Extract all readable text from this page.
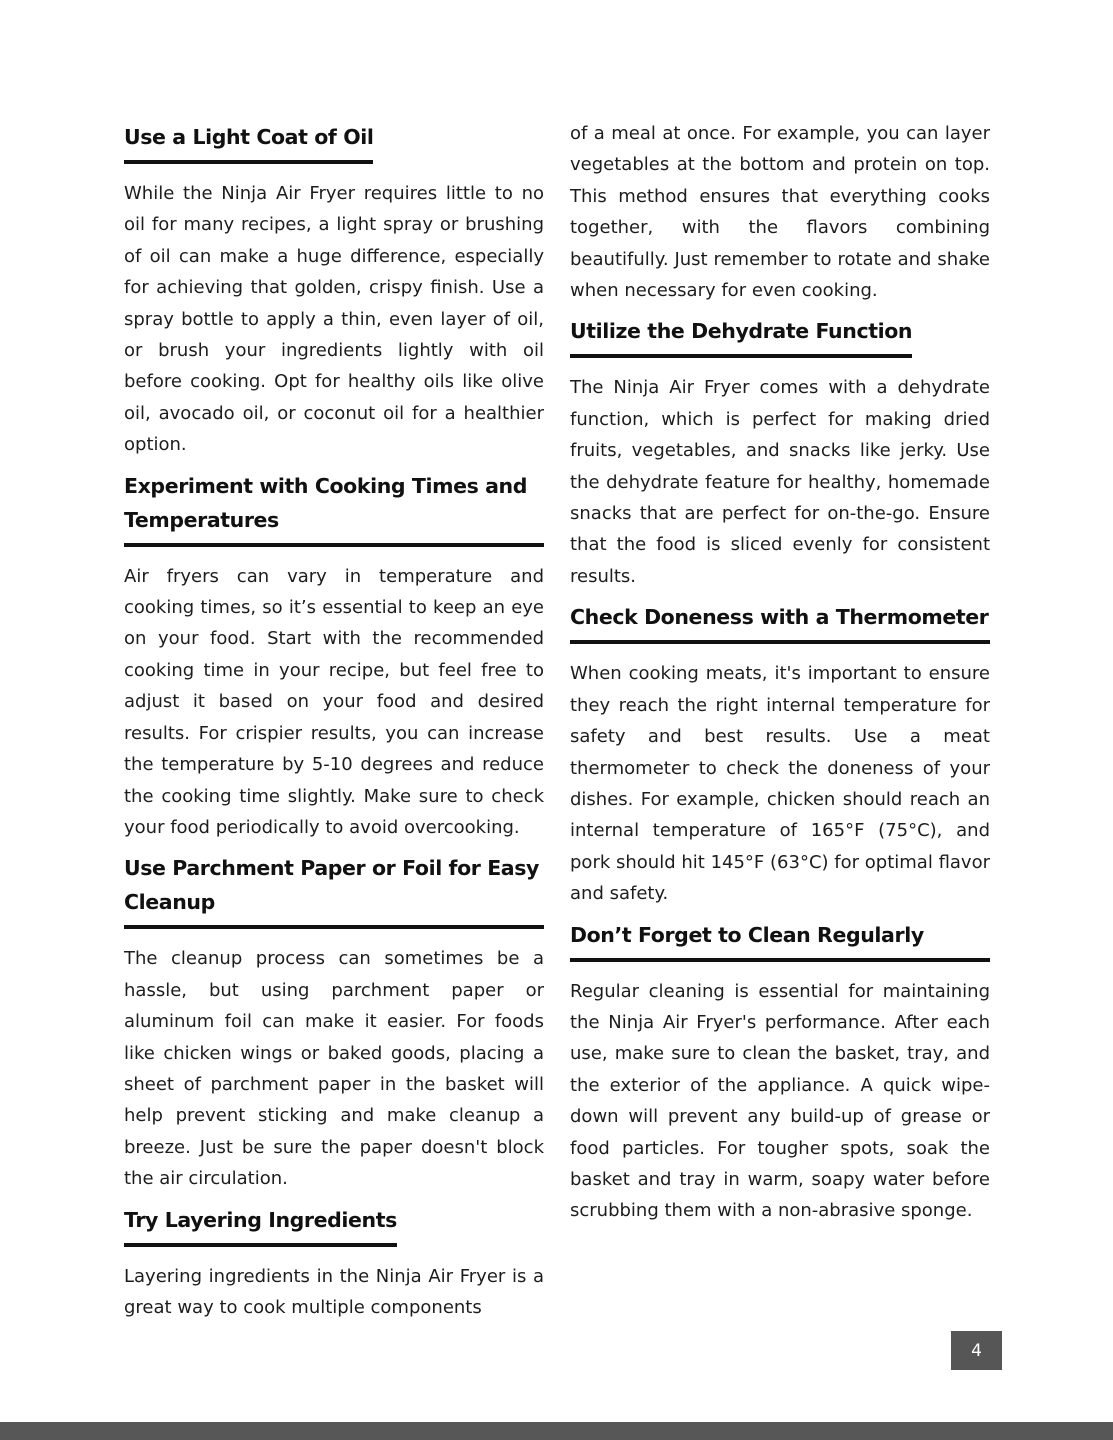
Use a Light Coat of Oil

While the Ninja Air Fryer requires little to no oil for many recipes, a light spray or brushing of oil can make a huge difference, especially for achieving that golden, crispy finish. Use a spray bottle to apply a thin, even layer of oil, or brush your ingredients lightly with oil before cooking. Opt for healthy oils like olive oil, avocado oil, or coconut oil for a healthier option.

Experiment with Cooking Times and Temperatures

Air fryers can vary in temperature and cooking times, so it’s essential to keep an eye on your food. Start with the recommended cooking time in your recipe, but feel free to adjust it based on your food and desired results. For crispier results, you can increase the temperature by 5-10 degrees and reduce the cooking time slightly. Make sure to check your food periodically to avoid overcooking.

Use Parchment Paper or Foil for Easy Cleanup

The cleanup process can sometimes be a hassle, but using parchment paper or aluminum foil can make it easier. For foods like chicken wings or baked goods, placing a sheet of parchment paper in the basket will help prevent sticking and make cleanup a breeze. Just be sure the paper doesn't block the air circulation.

Try Layering Ingredients

Layering ingredients in the Ninja Air Fryer is a great way to cook multiple components

of a meal at once. For example, you can layer vegetables at the bottom and protein on top. This method ensures that everything cooks together, with the flavors combining beautifully. Just remember to rotate and shake when necessary for even cooking.

Utilize the Dehydrate Function

The Ninja Air Fryer comes with a dehydrate function, which is perfect for making dried fruits, vegetables, and snacks like jerky. Use the dehydrate feature for healthy, homemade snacks that are perfect for on-the-go. Ensure that the food is sliced evenly for consistent results.

Check Doneness with a Thermometer

When cooking meats, it's important to ensure they reach the right internal temperature for safety and best results. Use a meat thermometer to check the doneness of your dishes. For example, chicken should reach an internal temperature of 165°F (75°C), and pork should hit 145°F (63°C) for optimal flavor and safety.

Don’t Forget to Clean Regularly

Regular cleaning is essential for maintaining the Ninja Air Fryer's performance. After each use, make sure to clean the basket, tray, and the exterior of the appliance. A quick wipe-down will prevent any build-up of grease or food particles. For tougher spots, soak the basket and tray in warm, soapy water before scrubbing them with a non-abrasive sponge.

4
